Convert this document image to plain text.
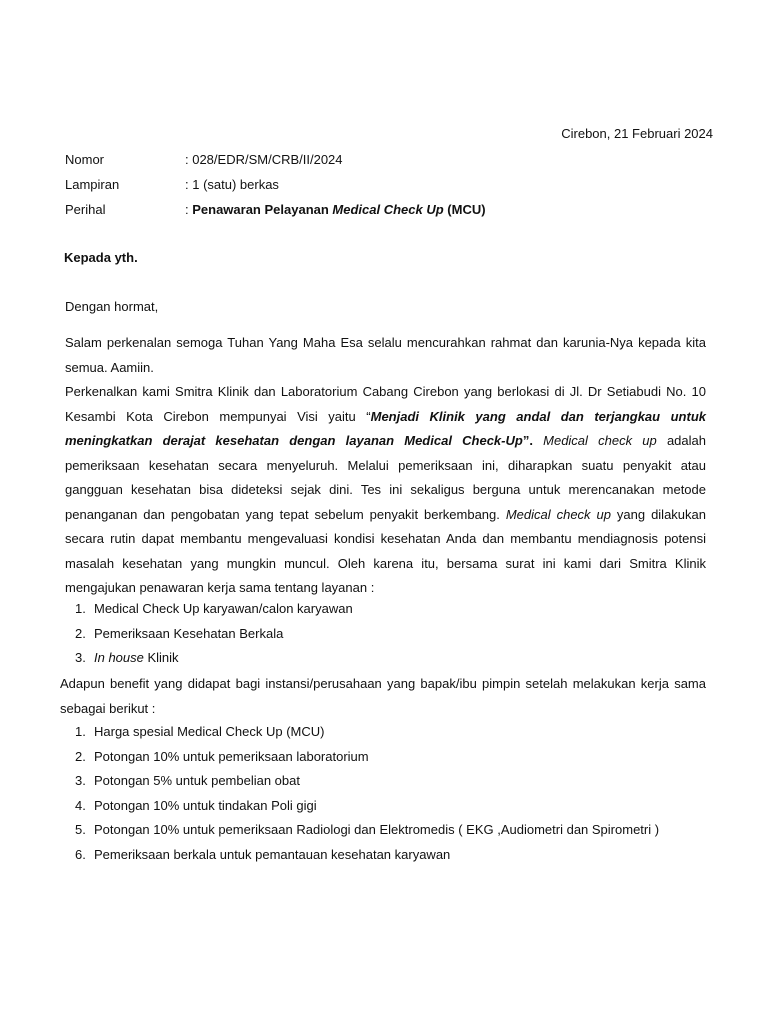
Cirebon, 21 Februari 2024
Nomor	: 028/EDR/SM/CRB/II/2024
Lampiran	: 1 (satu) berkas
Perihal	: Penawaran Pelayanan Medical Check Up (MCU)
Kepada yth.
Dengan hormat,

Salam perkenalan semoga Tuhan Yang Maha Esa selalu mencurahkan rahmat dan karunia-Nya kepada kita semua. Aamiin.

Perkenalkan kami Smitra Klinik dan Laboratorium Cabang Cirebon yang berlokasi di Jl. Dr Setiabudi No. 10 Kesambi Kota Cirebon mempunyai Visi yaitu “Menjadi Klinik yang andal dan terjangkau untuk meningkatkan derajat kesehatan dengan layanan Medical Check-Up”. Medical check up adalah pemeriksaan kesehatan secara menyeluruh. Melalui pemeriksaan ini, diharapkan suatu penyakit atau gangguan kesehatan bisa dideteksi sejak dini. Tes ini sekaligus berguna untuk merencanakan metode penanganan dan pengobatan yang tepat sebelum penyakit berkembang. Medical check up yang dilakukan secara rutin dapat membantu mengevaluasi kondisi kesehatan Anda dan membantu mendiagnosis potensi masalah kesehatan yang mungkin muncul. Oleh karena itu, bersama surat ini kami dari Smitra Klinik mengajukan penawaran kerja sama tentang layanan :

1. Medical Check Up karyawan/calon karyawan
2. Pemeriksaan Kesehatan Berkala
3. In house Klinik
Adapun benefit yang didapat bagi instansi/perusahaan yang bapak/ibu pimpin setelah melakukan kerja sama sebagai berikut :
1. Harga spesial Medical Check Up (MCU)
2. Potongan 10% untuk pemeriksaan laboratorium
3. Potongan 5% untuk pembelian obat
4. Potongan 10% untuk tindakan Poli gigi
5. Potongan 10% untuk pemeriksaan Radiologi dan Elektromedis ( EKG ,Audiometri dan Spirometri )
6. Pemeriksaan berkala untuk pemantauan kesehatan karyawan
